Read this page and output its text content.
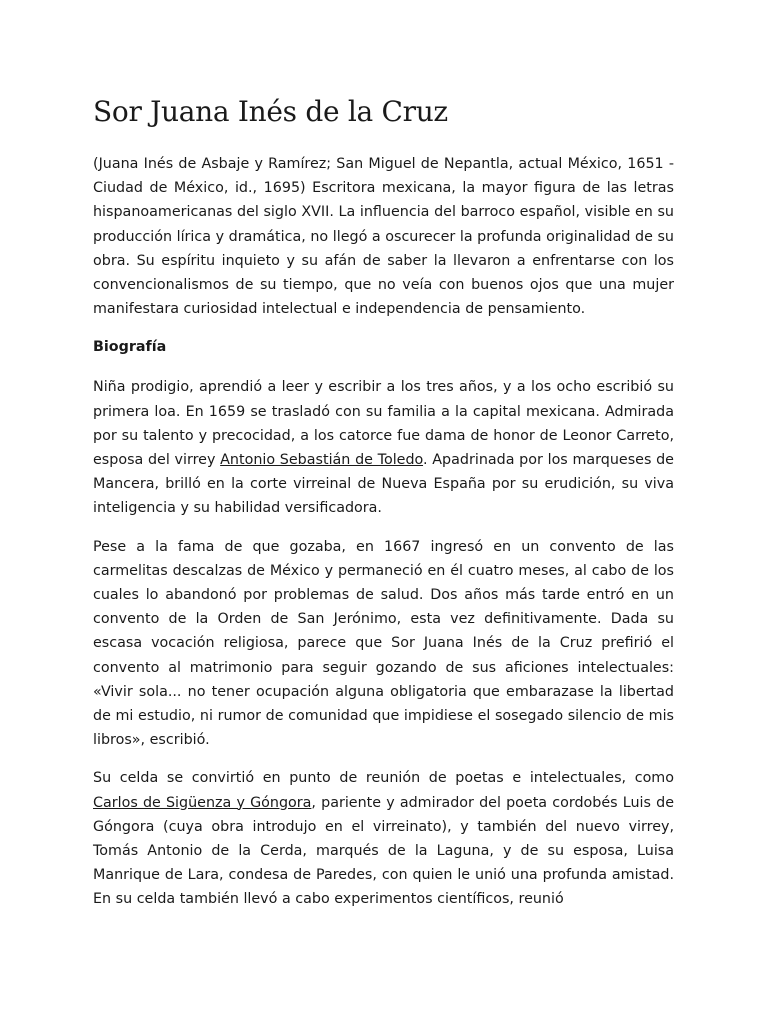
Sor Juana Inés de la Cruz

(Juana Inés de Asbaje y Ramírez; San Miguel de Nepantla, actual México, 1651 - Ciudad de México, id., 1695) Escritora mexicana, la mayor figura de las letras hispanoamericanas del siglo XVII. La influencia del barroco español, visible en su producción lírica y dramática, no llegó a oscurecer la profunda originalidad de su obra. Su espíritu inquieto y su afán de saber la llevaron a enfrentarse con los convencionalismos de su tiempo, que no veía con buenos ojos que una mujer manifestara curiosidad intelectual e independencia de pensamiento.

Biografía

Niña prodigio, aprendió a leer y escribir a los tres años, y a los ocho escribió su primera loa. En 1659 se trasladó con su familia a la capital mexicana. Admirada por su talento y precocidad, a los catorce fue dama de honor de Leonor Carreto, esposa del virrey Antonio Sebastián de Toledo. Apadrinada por los marqueses de Mancera, brilló en la corte virreinal de Nueva España por su erudición, su viva inteligencia y su habilidad versificadora.

Pese a la fama de que gozaba, en 1667 ingresó en un convento de las carmelitas descalzas de México y permaneció en él cuatro meses, al cabo de los cuales lo abandonó por problemas de salud. Dos años más tarde entró en un convento de la Orden de San Jerónimo, esta vez definitivamente. Dada su escasa vocación religiosa, parece que Sor Juana Inés de la Cruz prefirió el convento al matrimonio para seguir gozando de sus aficiones intelectuales: «Vivir sola... no tener ocupación alguna obligatoria que embarazase la libertad de mi estudio, ni rumor de comunidad que impidiese el sosegado silencio de mis libros», escribió.

Su celda se convirtió en punto de reunión de poetas e intelectuales, como Carlos de Sigüenza y Góngora, pariente y admirador del poeta cordobés Luis de Góngora (cuya obra introdujo en el virreinato), y también del nuevo virrey, Tomás Antonio de la Cerda, marqués de la Laguna, y de su esposa, Luisa Manrique de Lara, condesa de Paredes, con quien le unió una profunda amistad. En su celda también llevó a cabo experimentos científicos, reunió
